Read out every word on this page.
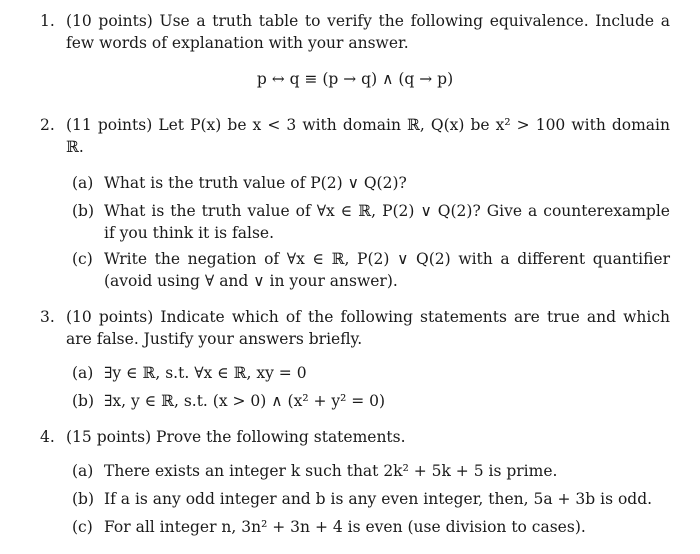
1. (10 points) Use a truth table to verify the following equivalence. Include a few words of explanation with your answer.
p ↔ q ≡ (p → q) ∧ (q → p)
2. (11 points) Let P(x) be x < 3 with domain ℝ, Q(x) be x² > 100 with domain ℝ.
(a) What is the truth value of P(2) ∨ Q(2)?
(b) What is the truth value of ∀x ∈ ℝ, P(2) ∨ Q(2)? Give a counterexample if you think it is false.
(c) Write the negation of ∀x ∈ ℝ, P(2) ∨ Q(2) with a different quantifier (avoid using ∀ and ∨ in your answer).
3. (10 points) Indicate which of the following statements are true and which are false. Justify your answers briefly.
(a) ∃y ∈ ℝ, s.t. ∀x ∈ ℝ, xy = 0
(b) ∃x, y ∈ ℝ, s.t. (x > 0) ∧ (x² + y² = 0)
4. (15 points) Prove the following statements.
(a) There exists an integer k such that 2k² + 5k + 5 is prime.
(b) If a is any odd integer and b is any even integer, then, 5a + 3b is odd.
(c) For all integer n, 3n² + 3n + 4 is even (use division to cases).
